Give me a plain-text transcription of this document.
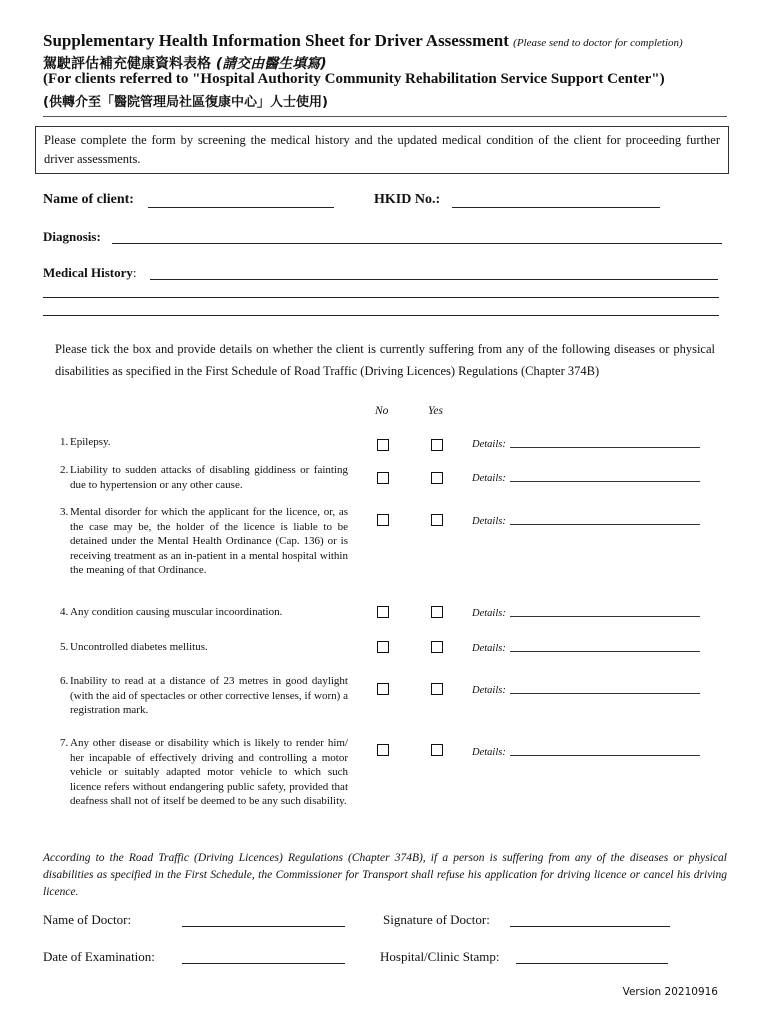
Supplementary Health Information Sheet for Driver Assessment (Please send to doctor for completion)
駕駛評估補充健康資料表格 (請交由醫生填寫)
(For clients referred to "Hospital Authority Community Rehabilitation Service Support Center")
(供轉介至「醫院管理局社區復康中心」人士使用)
Please complete the form by screening the medical history and the updated medical condition of the client for proceeding further driver assessments.
Name of client:	HKID No.:
Diagnosis:
Medical History:
Please tick the box and provide details on whether the client is currently suffering from any of the following diseases or physical disabilities as specified in the First Schedule of Road Traffic (Driving Licences) Regulations (Chapter 374B)
No	Yes
1. Epilepsy.	Details:
2. Liability to sudden attacks of disabling giddiness or fainting due to hypertension or any other cause.
Details:
3. Mental disorder for which the applicant for the licence, or, as the case may be, the holder of the licence is liable to be detained under the Mental Health Ordinance (Cap. 136) or is receiving treatment as an in-patient in a mental hospital within the meaning of that Ordinance.
Details:
4. Any condition causing muscular incoordination.	Details:
5. Uncontrolled diabetes mellitus.	Details:
6. Inability to read at a distance of 23 metres in good daylight (with the aid of spectacles or other corrective lenses, if worn) a registration mark.
Details:
7. Any other disease or disability which is likely to render him/ her incapable of effectively driving and controlling a motor vehicle or suitably adapted motor vehicle to which such licence refers without endangering public safety, provided that deafness shall not of itself be deemed to be any such disability.
Details:
According to the Road Traffic (Driving Licences) Regulations (Chapter 374B), if a person is suffering from any of the diseases or physical disabilities as specified in the First Schedule, the Commissioner for Transport shall refuse his application for driving licence or cancel his driving licence.
Name of Doctor:	Signature of Doctor:
Date of Examination:	Hospital/Clinic Stamp:
Version 20210916
